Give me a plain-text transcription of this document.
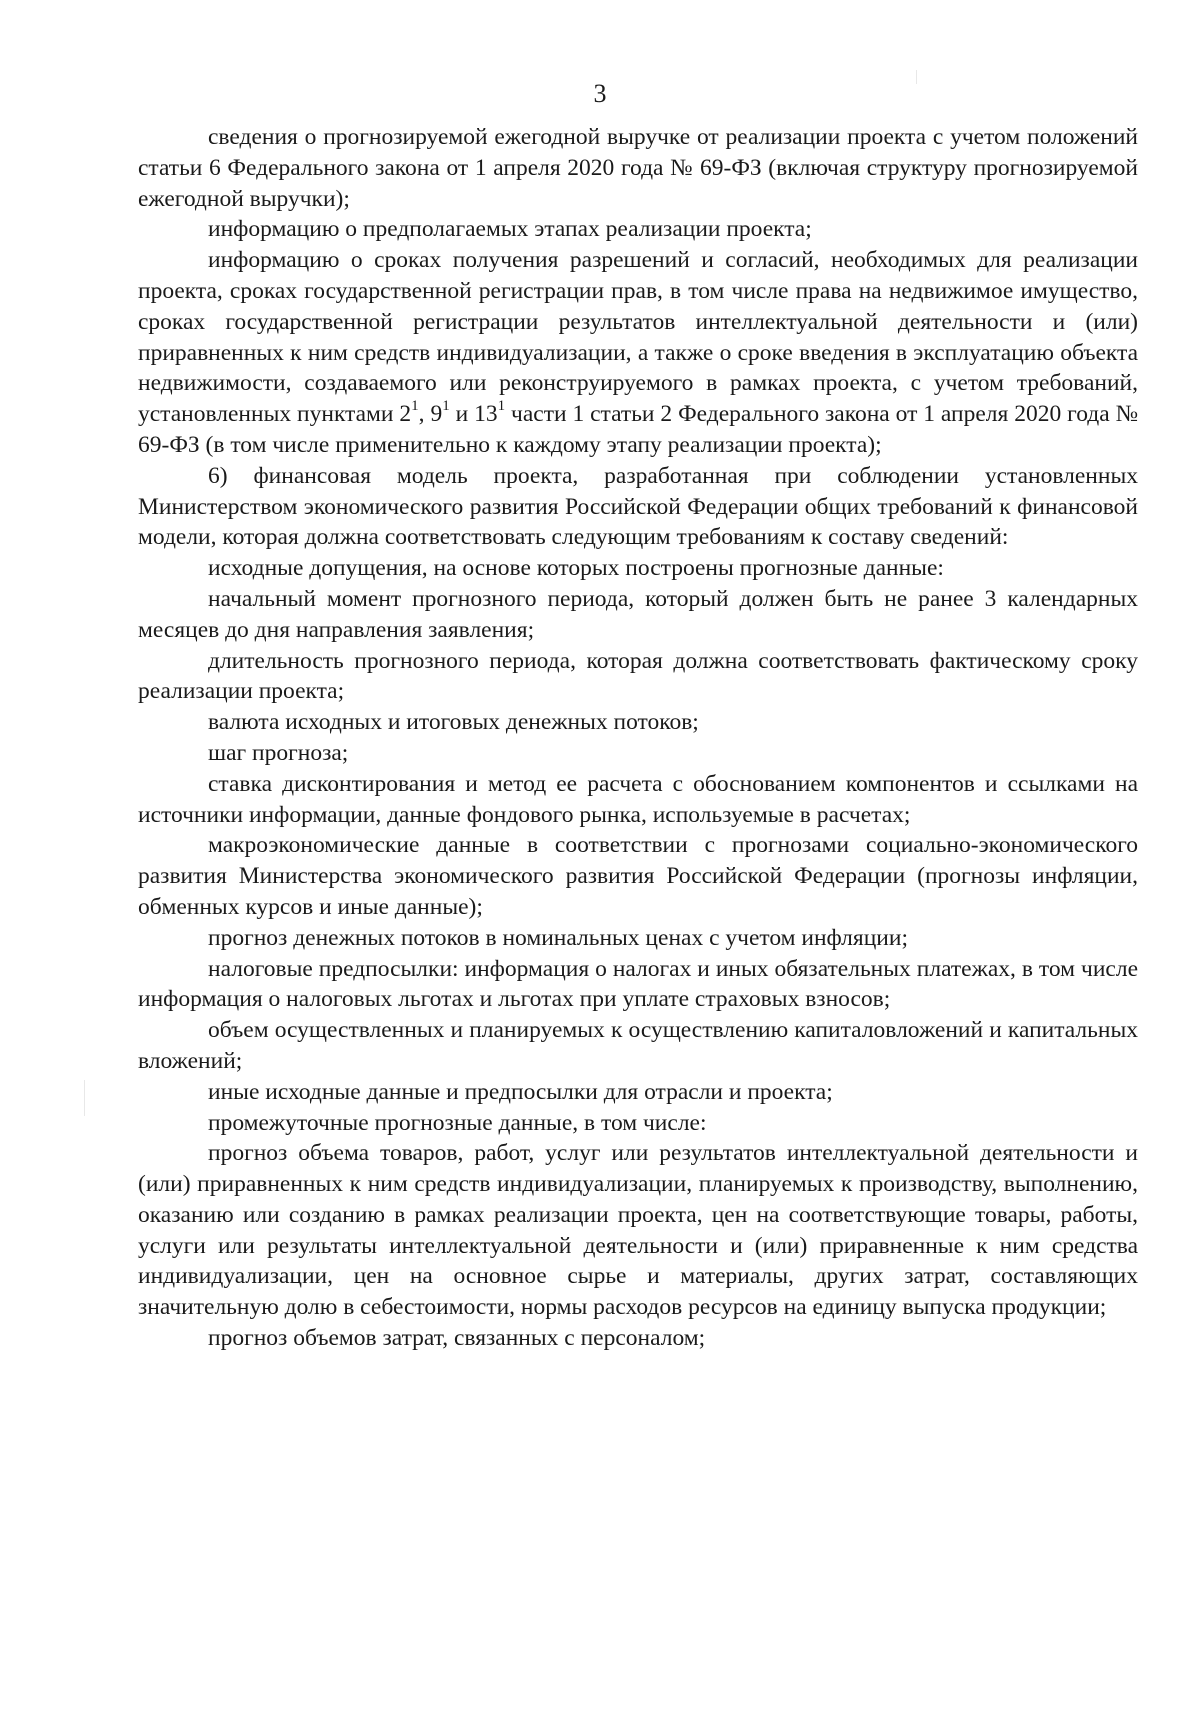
3

сведения о прогнозируемой ежегодной выручке от реализации проекта с учетом положений статьи 6 Федерального закона от 1 апреля 2020 года № 69-ФЗ (включая структуру прогнозируемой ежегодной выручки);

информацию о предполагаемых этапах реализации проекта;

информацию о сроках получения разрешений и согласий, необходимых для реализации проекта, сроках государственной регистрации прав, в том числе права на недвижимое имущество, сроках государственной регистрации результатов интеллектуальной деятельности и (или) приравненных к ним средств индивидуализации, а также о сроке введения в эксплуатацию объекта недвижимости, создаваемого или реконструируемого в рамках проекта, с учетом требований, установленных пунктами $2^1$, $9^1$ и $13^1$ части 1 статьи 2 Федерального закона от 1 апреля 2020 года № 69-ФЗ (в том числе применительно к каждому этапу реализации проекта);

6) финансовая модель проекта, разработанная при соблюдении установленных Министерством экономического развития Российской Федерации общих требований к финансовой модели, которая должна соответствовать следующим требованиям к составу сведений:

исходные допущения, на основе которых построены прогнозные данные:

начальный момент прогнозного периода, который должен быть не ранее 3 календарных месяцев до дня направления заявления;

длительность прогнозного периода, которая должна соответствовать фактическому сроку реализации проекта;

валюта исходных и итоговых денежных потоков;

шаг прогноза;

ставка дисконтирования и метод ее расчета с обоснованием компонентов и ссылками на источники информации, данные фондового рынка, используемые в расчетах;

макроэкономические данные в соответствии с прогнозами социально-экономического развития Министерства экономического развития Российской Федерации (прогнозы инфляции, обменных курсов и иные данные);

прогноз денежных потоков в номинальных ценах с учетом инфляции;

налоговые предпосылки: информация о налогах и иных обязательных платежах, в том числе информация о налоговых льготах и льготах при уплате страховых взносов;

объем осуществленных и планируемых к осуществлению капиталовложений и капитальных вложений;

иные исходные данные и предпосылки для отрасли и проекта;

промежуточные прогнозные данные, в том числе:

прогноз объема товаров, работ, услуг или результатов интеллектуальной деятельности и (или) приравненных к ним средств индивидуализации, планируемых к производству, выполнению, оказанию или созданию в рамках реализации проекта, цен на соответствующие товары, работы, услуги или результаты интеллектуальной деятельности и (или) приравненные к ним средства индивидуализации, цен на основное сырье и материалы, других затрат, составляющих значительную долю в себестоимости, нормы расходов ресурсов на единицу выпуска продукции;

прогноз объемов затрат, связанных с персоналом;
